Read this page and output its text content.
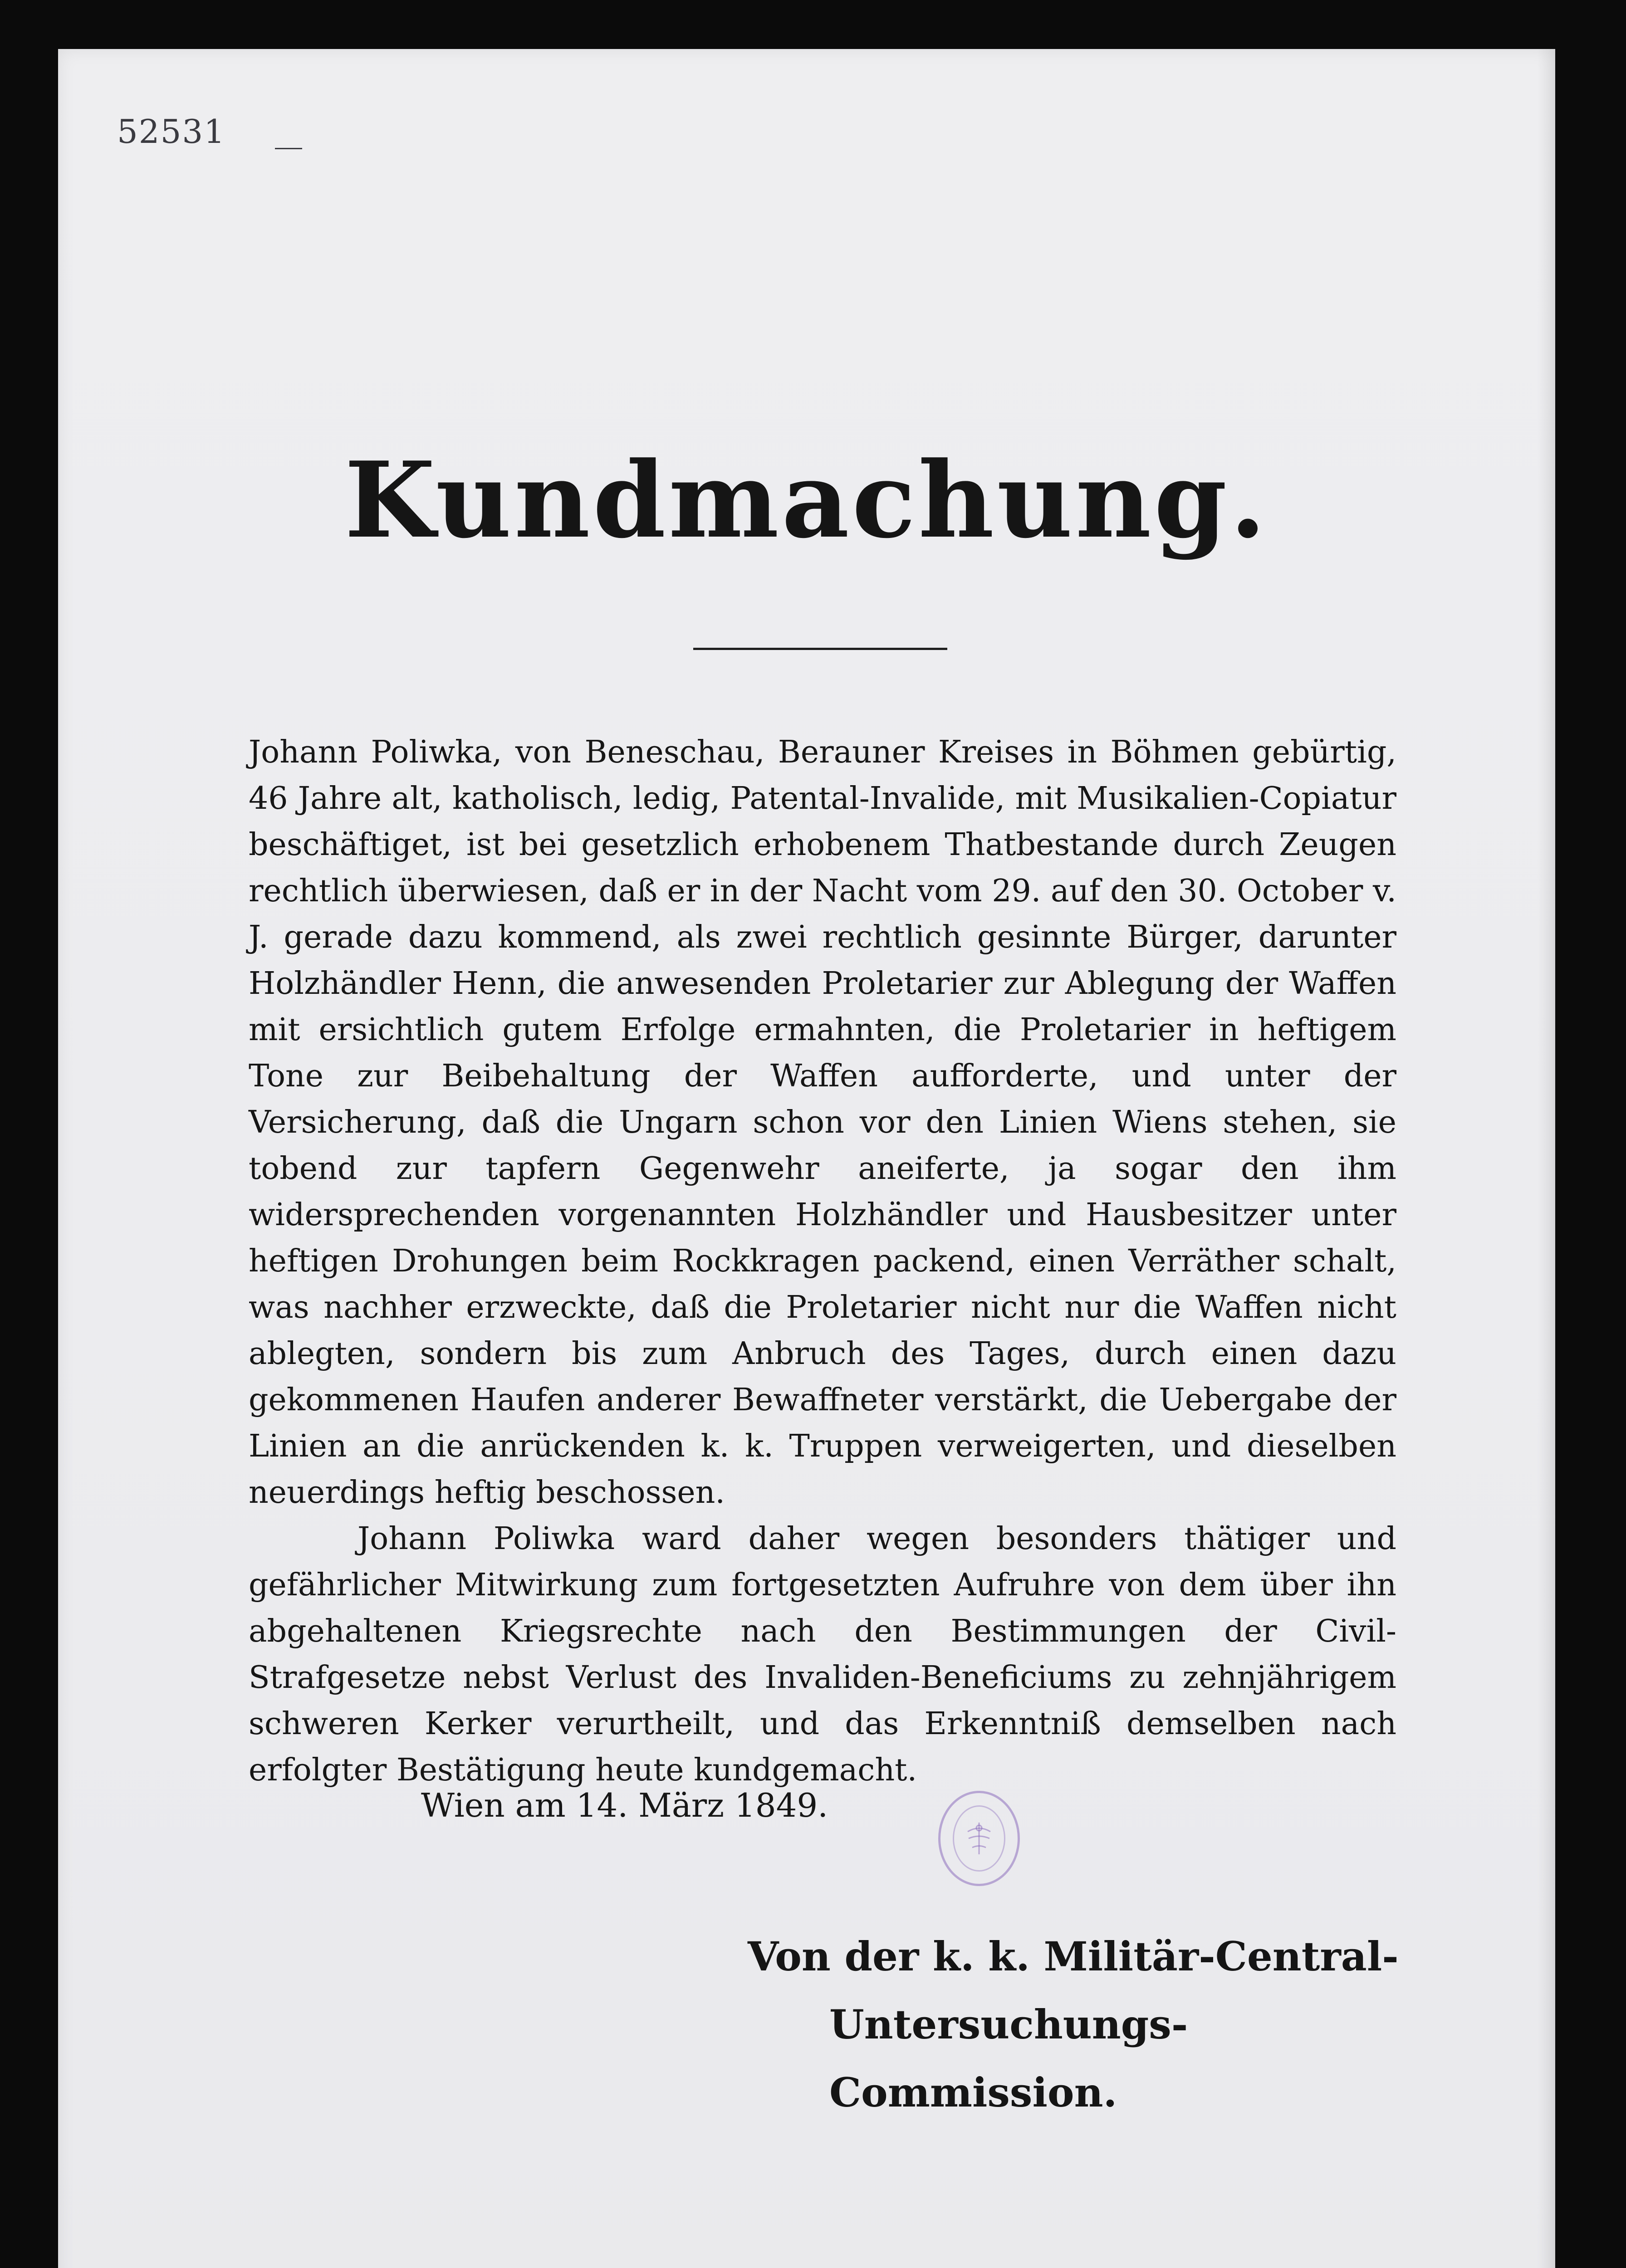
52531
Kundmachung.

Johann Poliwka, von Beneschau, Berauner Kreises in Böhmen gebürtig, 46 Jahre alt, katholisch, ledig, Patental-Invalide, mit Musikalien-Copiatur beschäftiget, ist bei gesetzlich erhobenem Thatbestande durch Zeugen rechtlich überwiesen, daß er in der Nacht vom 29. auf den 30. October v. J. gerade dazu kommend, als zwei rechtlich gesinnte Bürger, darunter Holzhändler Henn, die anwesenden Proletarier zur Ablegung der Waffen mit ersichtlich gutem Erfolge ermahnten, die Proletarier in heftigem Tone zur Beibehaltung der Waffen aufforderte, und unter der Versicherung, daß die Ungarn schon vor den Linien Wiens stehen, sie tobend zur tapfern Gegenwehr aneiferte, ja sogar den ihm widersprechenden vorgenannten Holzhändler und Hausbesitzer unter heftigen Drohungen beim Rockkragen packend, einen Verräther schalt, was nachher erzweckte, daß die Proletarier nicht nur die Waffen nicht ablegten, sondern bis zum Anbruch des Tages, durch einen dazu gekommenen Haufen anderer Bewaffneter verstärkt, die Uebergabe der Linien an die anrückenden k. k. Truppen verweigerten, und dieselben neuerdings heftig beschossen.

Johann Poliwka ward daher wegen besonders thätiger und gefährlicher Mitwirkung zum fortgesetzten Aufruhre von dem über ihn abgehaltenen Kriegsrechte nach den Bestimmungen der Civil-Strafgesetze nebst Verlust des Invaliden-Beneficiums zu zehnjährigem schweren Kerker verurtheilt, und das Erkenntniß demselben nach erfolgter Bestätigung heute kundgemacht.

Wien am 14. März 1849.
Von der k. k. Militär-Central-
Untersuchungs-Commission.
